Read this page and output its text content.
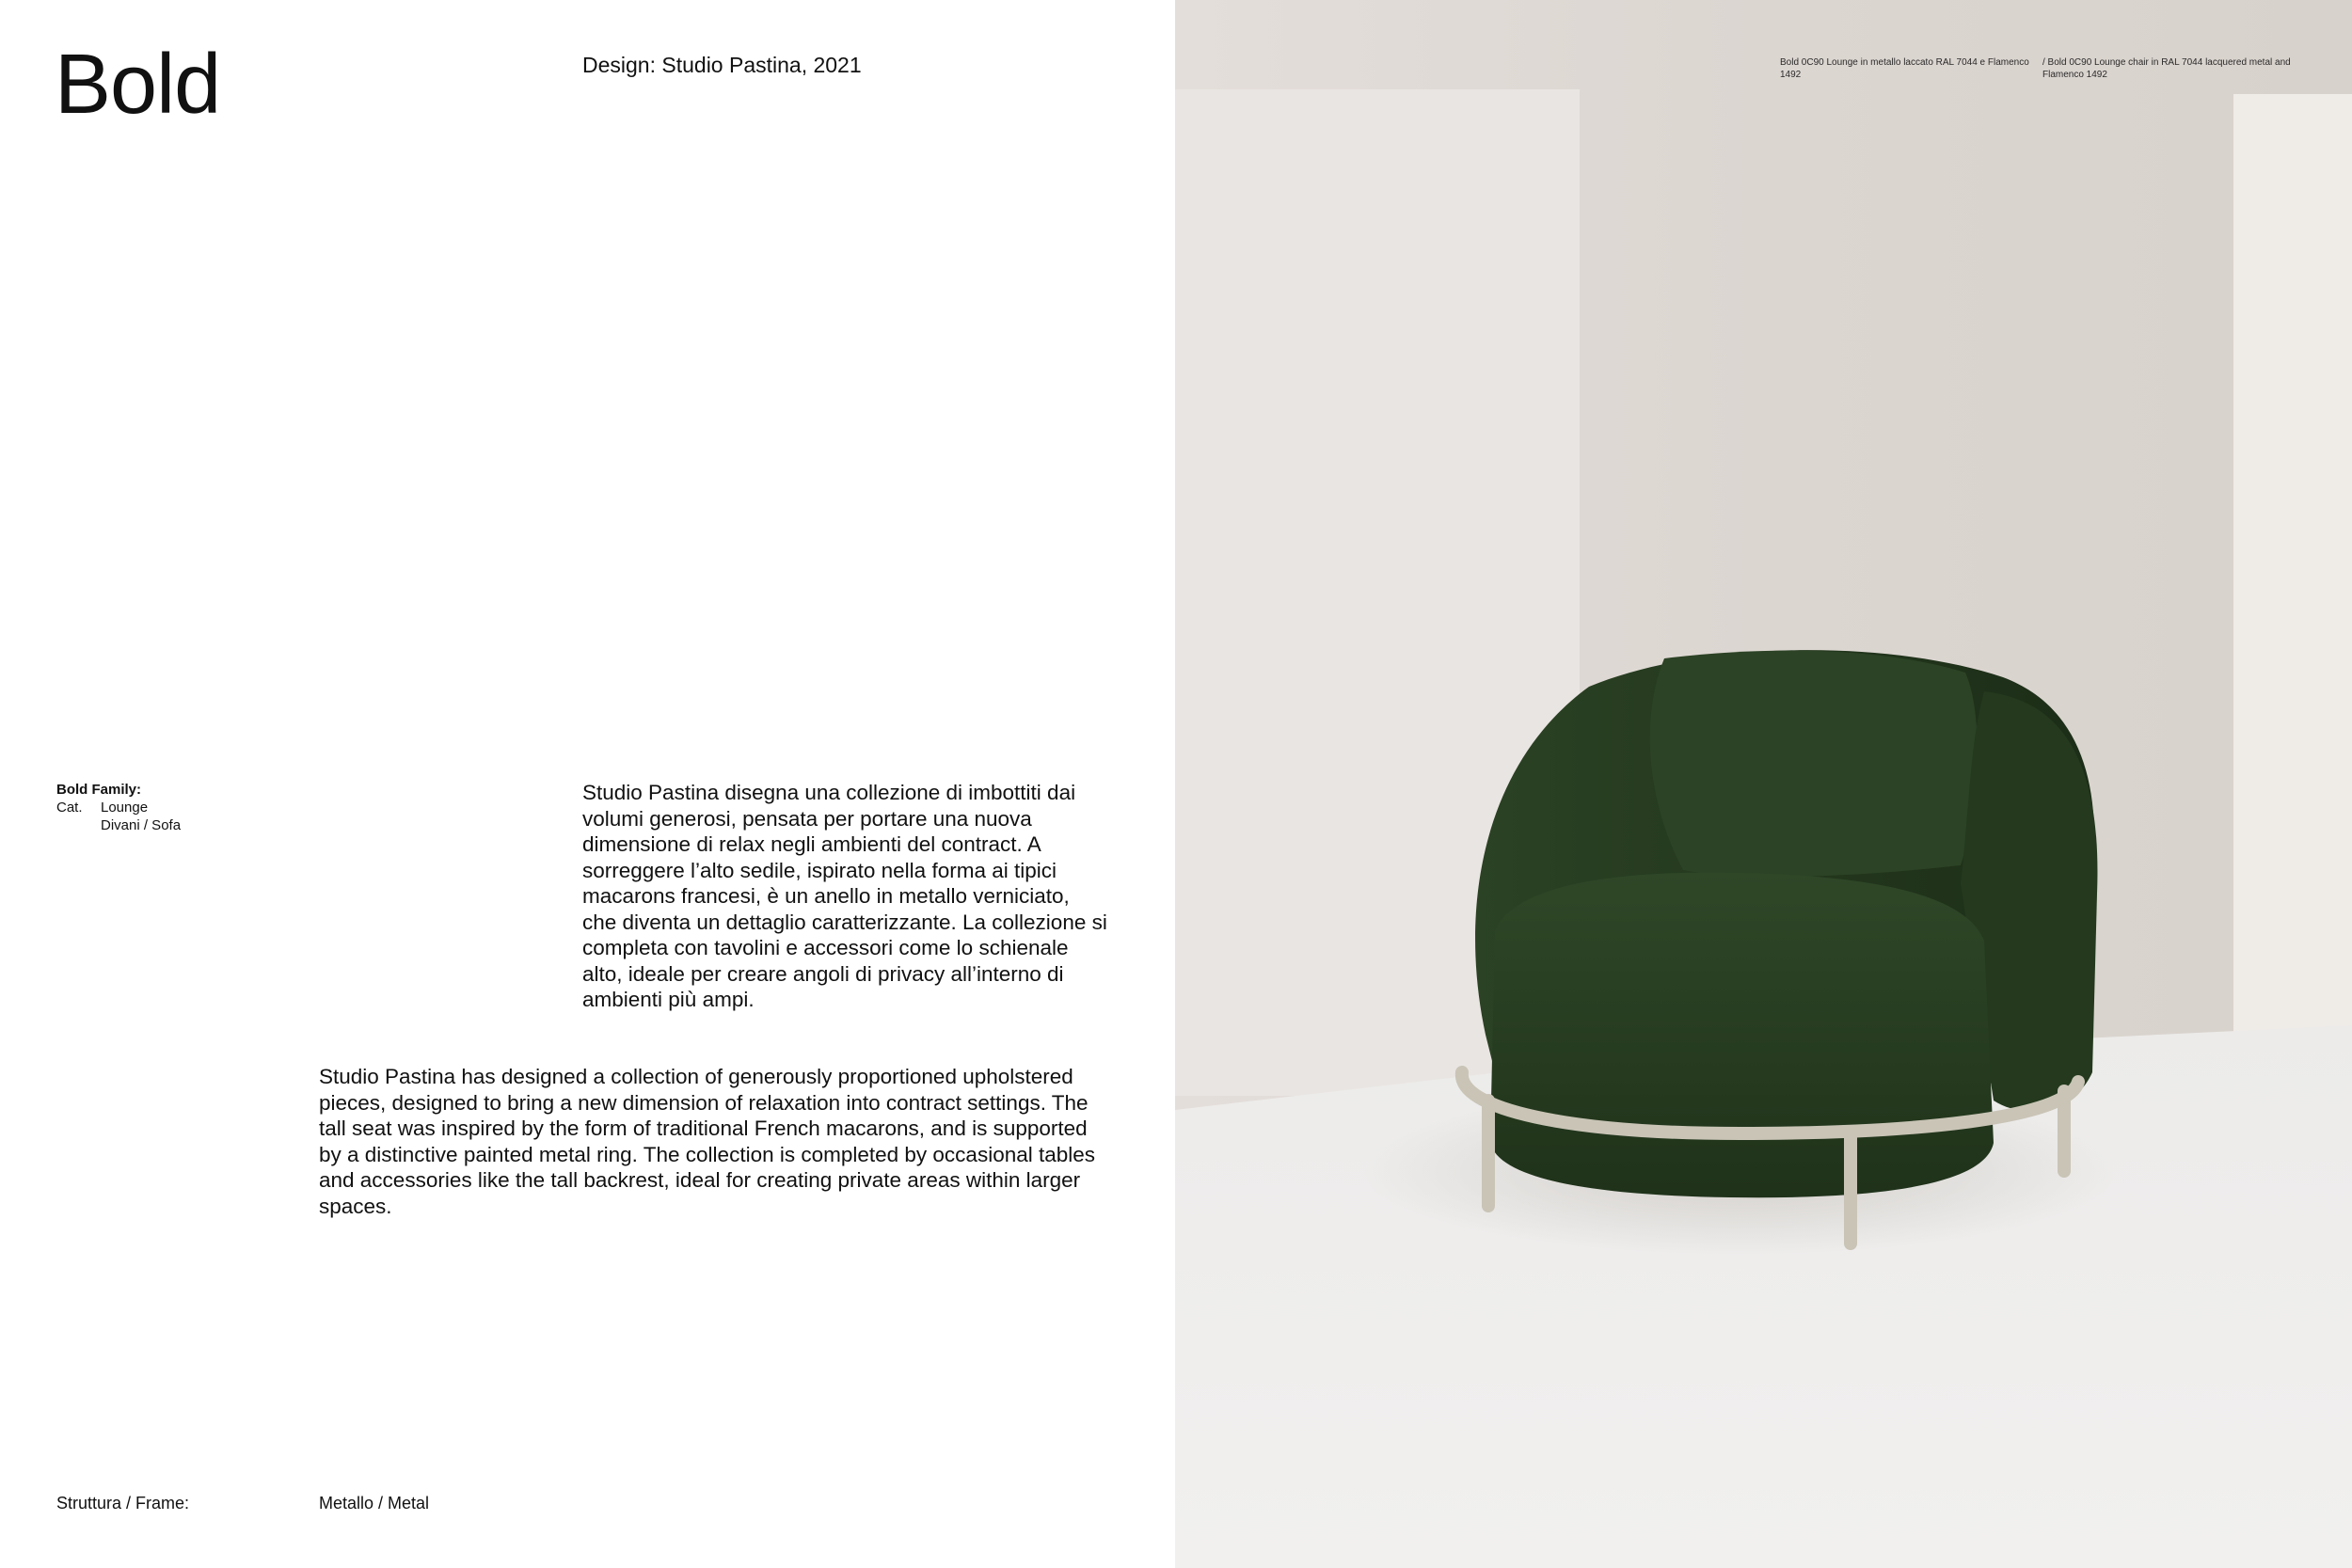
Bold	Design: Studio Pastina, 2021
Bold Family:
Cat.	Lounge
Divani / Sofa

Studio Pastina disegna una collezione di imbottiti dai volumi generosi, pensata per portare una nuova dimensione di relax negli ambienti del contract. A sorreggere l’alto sedile, ispirato nella forma ai tipici macarons francesi, è un anello in metallo verniciato, che diventa un dettaglio caratterizzante. La collezione si completa con tavolini e accessori come lo schienale alto, ideale per creare angoli di privacy all’interno di ambienti più ampi.

Studio Pastina has designed a collection of generously proportioned upholstered pieces, designed to bring a new dimension of relaxation into contract settings. The tall seat was inspired by the form of traditional French macarons, and is supported by a distinctive painted metal ring. The collection is completed by occasional tables and accessories like the tall backrest, ideal for creating private areas within larger spaces.

Struttura / Frame:	Metallo / Metal
Bold 0C90 Lounge in metallo laccato RAL 7044 e Flamenco 1492
/ Bold 0C90 Lounge chair in RAL 7044 lacquered metal and Flamenco 1492
